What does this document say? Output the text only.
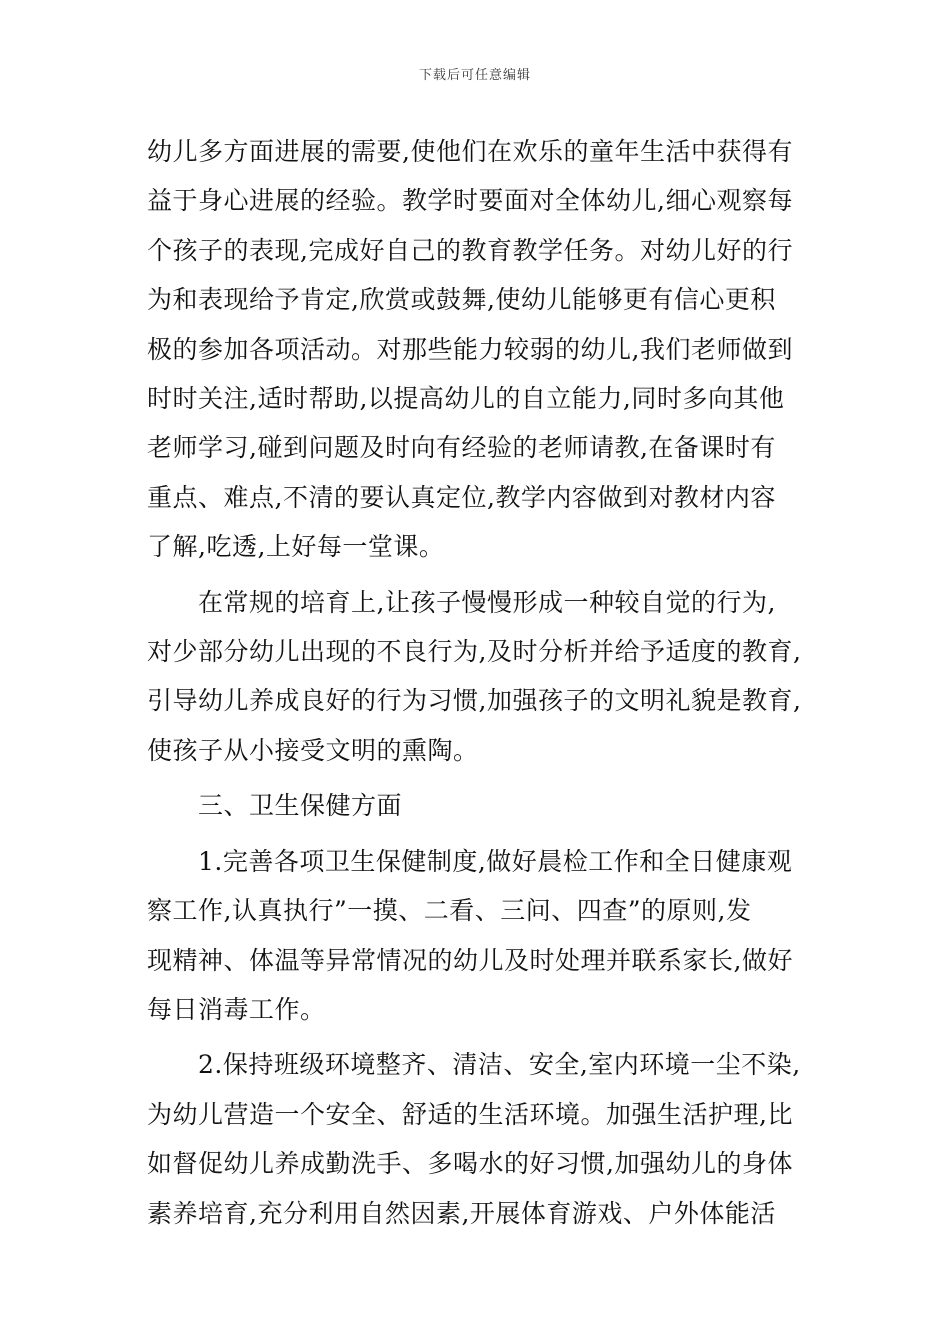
下载后可任意编辑

幼儿多方面进展的需要,使他们在欢乐的童年生活中获得有
益于身心进展的经验。教学时要面对全体幼儿,细心观察每
个孩子的表现,完成好自己的教育教学任务。对幼儿好的行
为和表现给予肯定,欣赏或鼓舞,使幼儿能够更有信心更积
极的参加各项活动。对那些能力较弱的幼儿,我们老师做到
时时关注,适时帮助,以提高幼儿的自立能力,同时多向其他
老师学习,碰到问题及时向有经验的老师请教,在备课时有
重点、难点,不清的要认真定位,教学内容做到对教材内容
了解,吃透,上好每一堂课。

在常规的培育上,让孩子慢慢形成一种较自觉的行为,
对少部分幼儿出现的不良行为,及时分析并给予适度的教育,
引导幼儿养成良好的行为习惯,加强孩子的文明礼貌是教育,
使孩子从小接受文明的熏陶。

三、卫生保健方面

1.完善各项卫生保健制度,做好晨检工作和全日健康观
察工作,认真执行”一摸、二看、三问、四查”的原则,发
现精神、体温等异常情况的幼儿及时处理并联系家长,做好
每日消毒工作。

2.保持班级环境整齐、清洁、安全,室内环境一尘不染,
为幼儿营造一个安全、舒适的生活环境。加强生活护理,比
如督促幼儿养成勤洗手、多喝水的好习惯,加强幼儿的身体
素养培育,充分利用自然因素,开展体育游戏、户外体能活
